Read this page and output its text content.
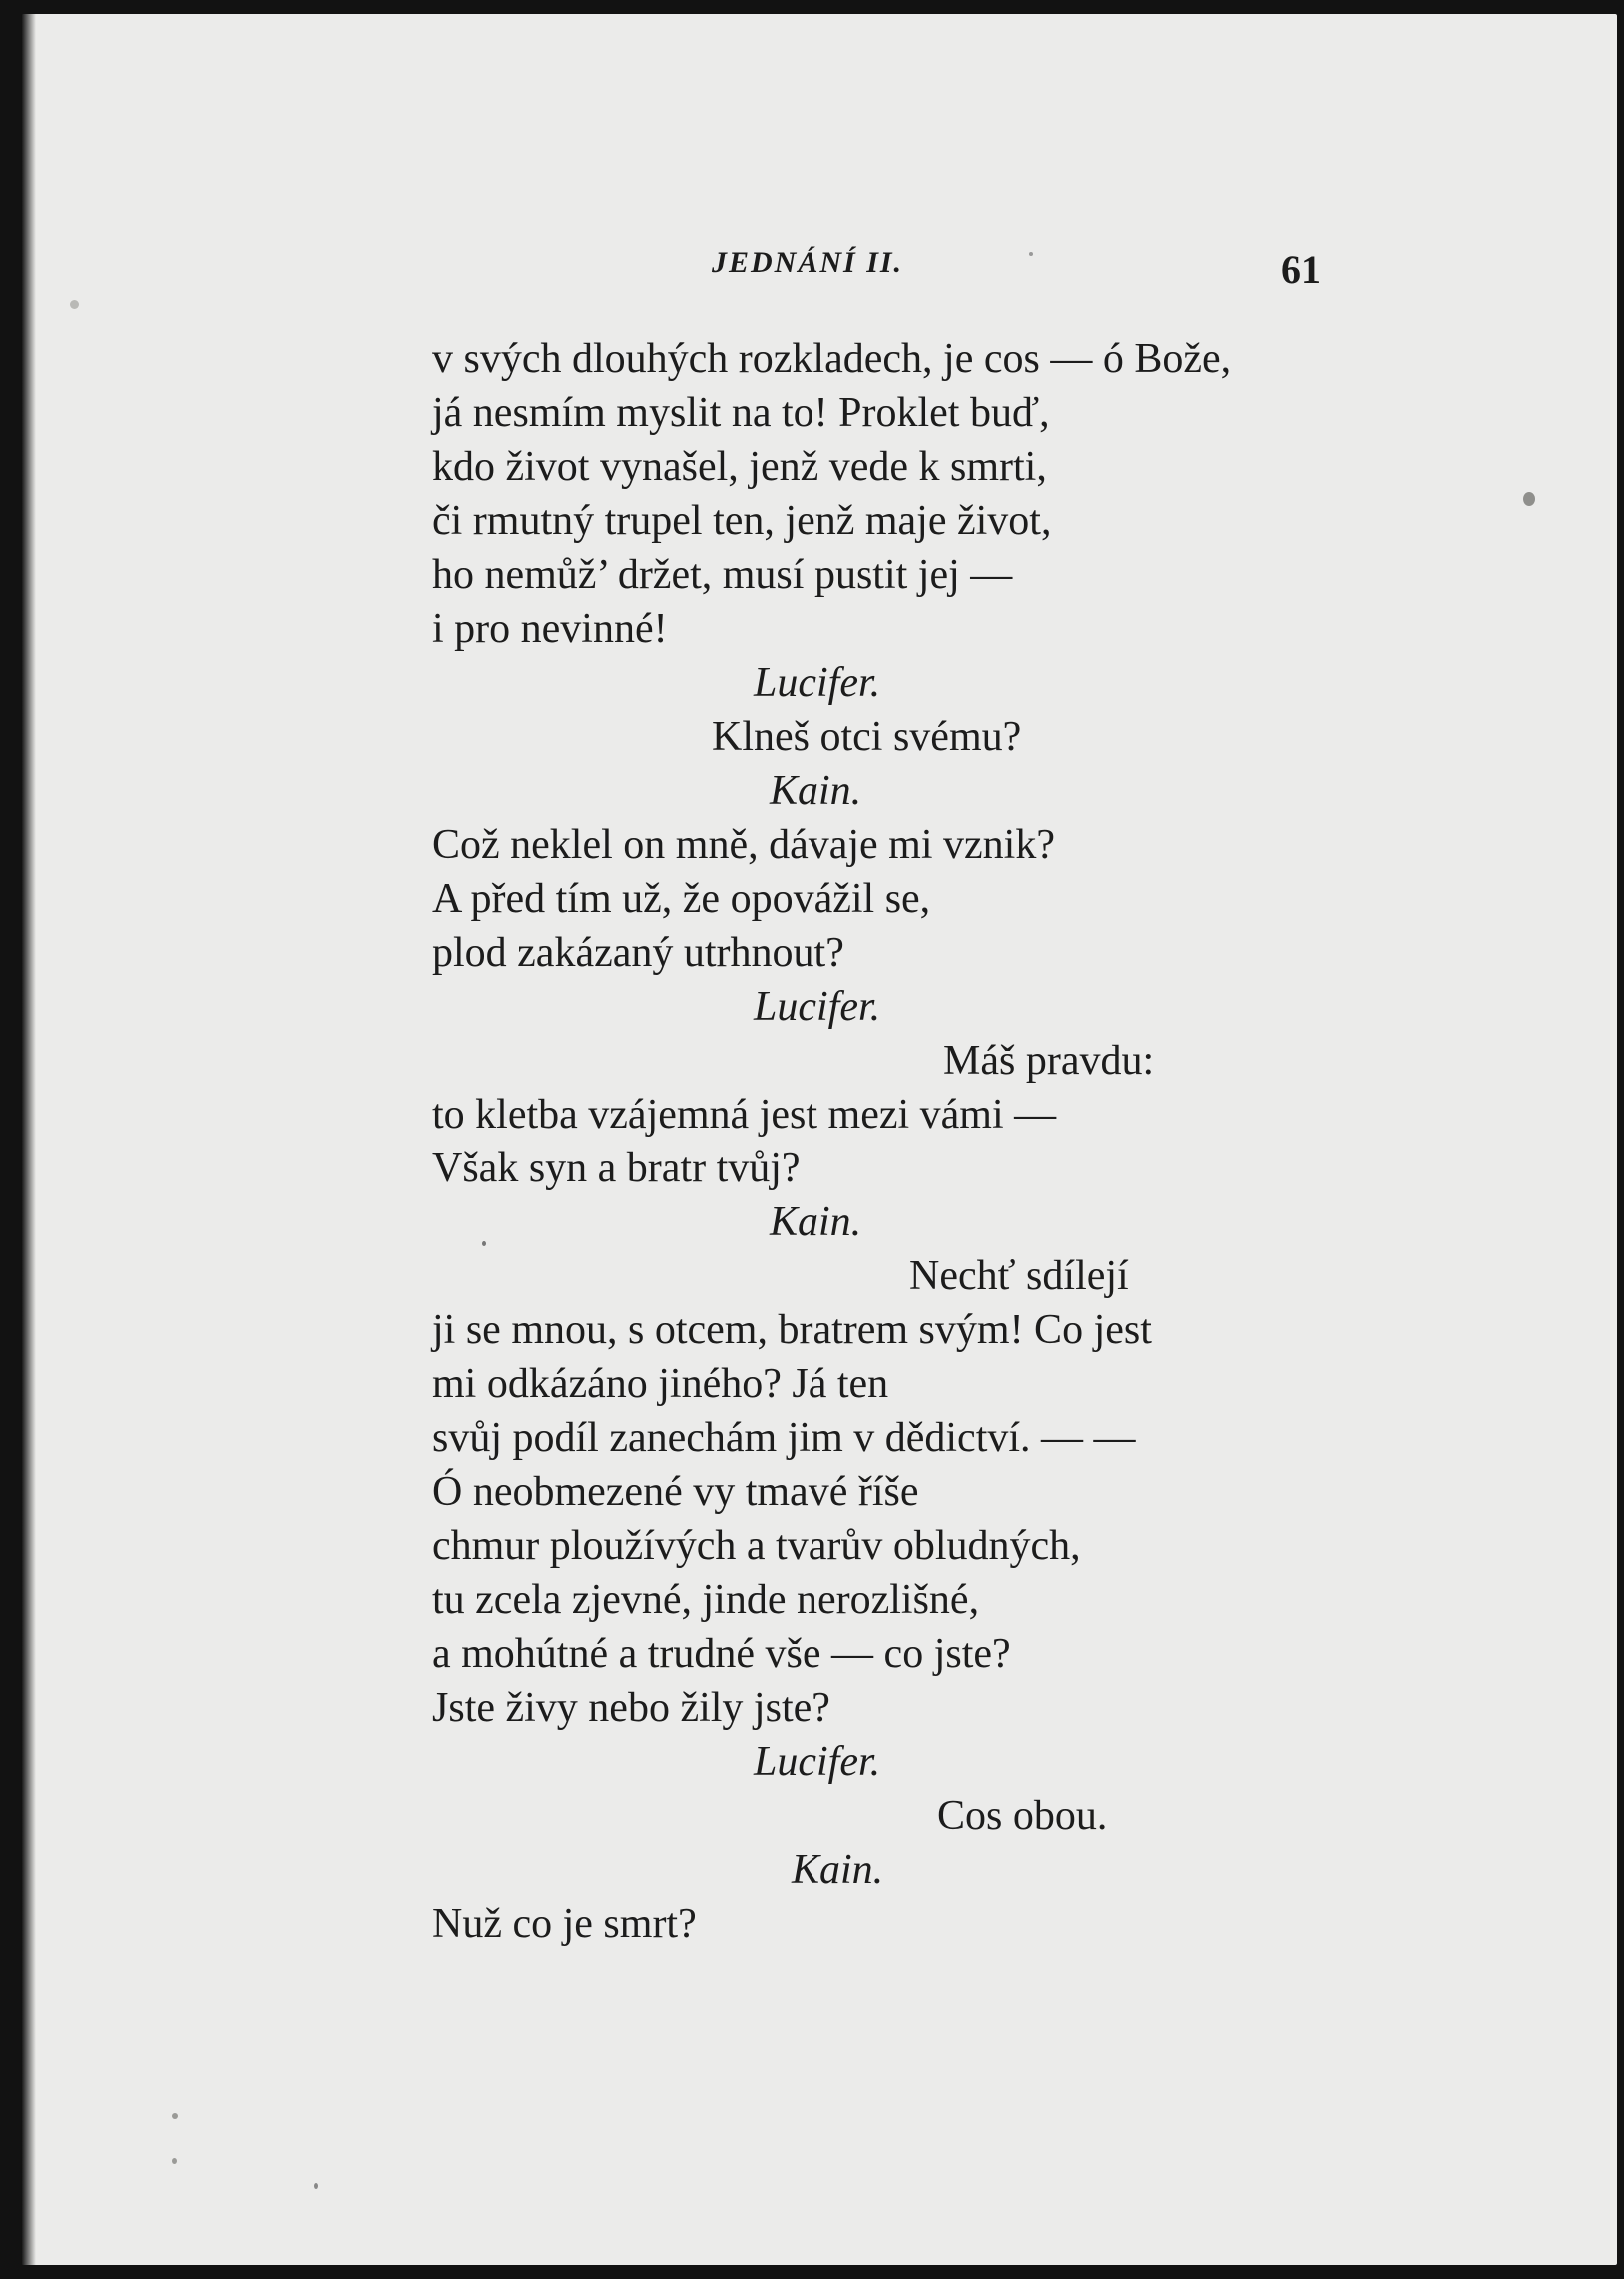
JEDNÁNÍ II.	61

v svých dlouhých rozkladech, je cos — ó Bože,

já nesmím myslit na to! Proklet buď,

kdo život vynašel, jenž vede k smrti,

či rmutný trupel ten, jenž maje život,

ho nemůž’ držet, musí pustit jej —

i pro nevinné!

Lucifer.

Klneš otci svému?

Kain.

Což neklel on mně, dávaje mi vznik?

A před tím už, že opovážil se,

plod zakázaný utrhnout?

Lucifer.

Máš pravdu:

to kletba vzájemná jest mezi vámi —

Však syn a bratr tvůj?

Kain.

Nechť sdílejí

ji se mnou, s otcem, bratrem svým! Co jest

mi odkázáno jiného? Já ten

svůj podíl zanechám jim v dědictví. — —

Ó neobmezené vy tmavé říše

chmur ploužívých a tvarův obludných,

tu zcela zjevné, jinde nerozlišné,

a mohútné a trudné vše — co jste?

Jste živy nebo žily jste?

Lucifer.

Cos obou.

Kain.

Nuž co je smrt?
